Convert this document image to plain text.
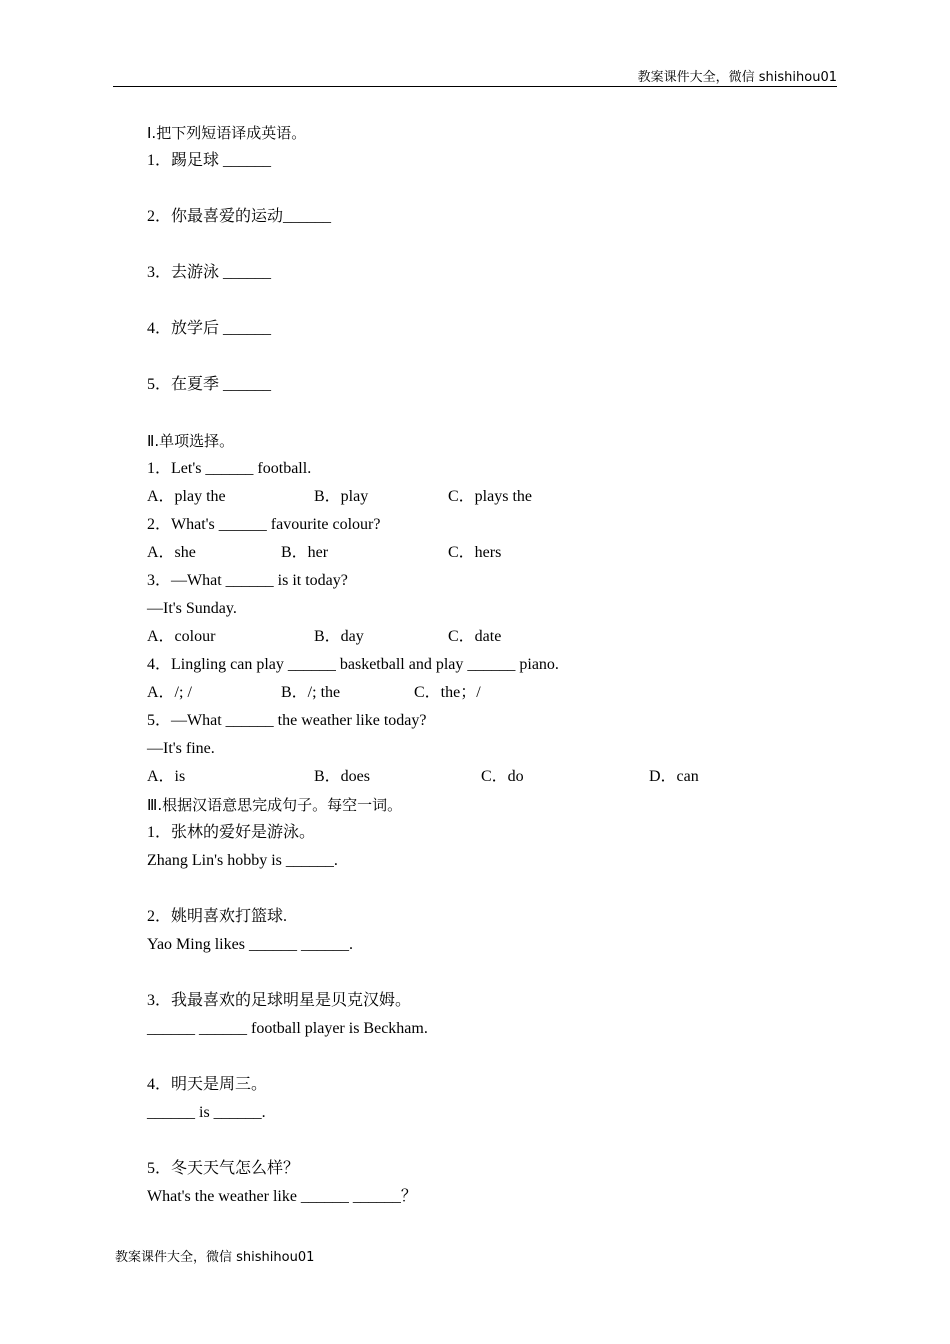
教案课件大全，微信 shishihou01
Ⅰ.把下列短语译成英语。
1．踢足球 ______
2．你最喜爱的运动______
3．去游泳 ______
4．放学后 ______
5．在夏季 ______
Ⅱ.单项选择。
1．Let's ______ football.
A．play the	B．play	C．plays the
2．What's ______ favourite colour?
A．she	B．her	C．hers
3．—What ______ is it today?
—It's Sunday.
A．colour	B．day	C．date
4．Lingling can play ______ basketball and play ______ piano.
A．/; /	B．/; the	C．the；/
5．—What ______ the weather like today?
—It's fine.
A．is	B．does	C．do	D．can
Ⅲ.根据汉语意思完成句子。每空一词。
1．张林的爱好是游泳。
Zhang Lin's hobby is ______.
2．姚明喜欢打篮球.
Yao Ming likes ______ ______.
3．我最喜欢的足球明星是贝克汉姆。
______ ______ football player is Beckham.
4．明天是周三。
______ is ______.
5．冬天天气怎么样？
What's the weather like ______ ______？
教案课件大全，微信 shishihou01
